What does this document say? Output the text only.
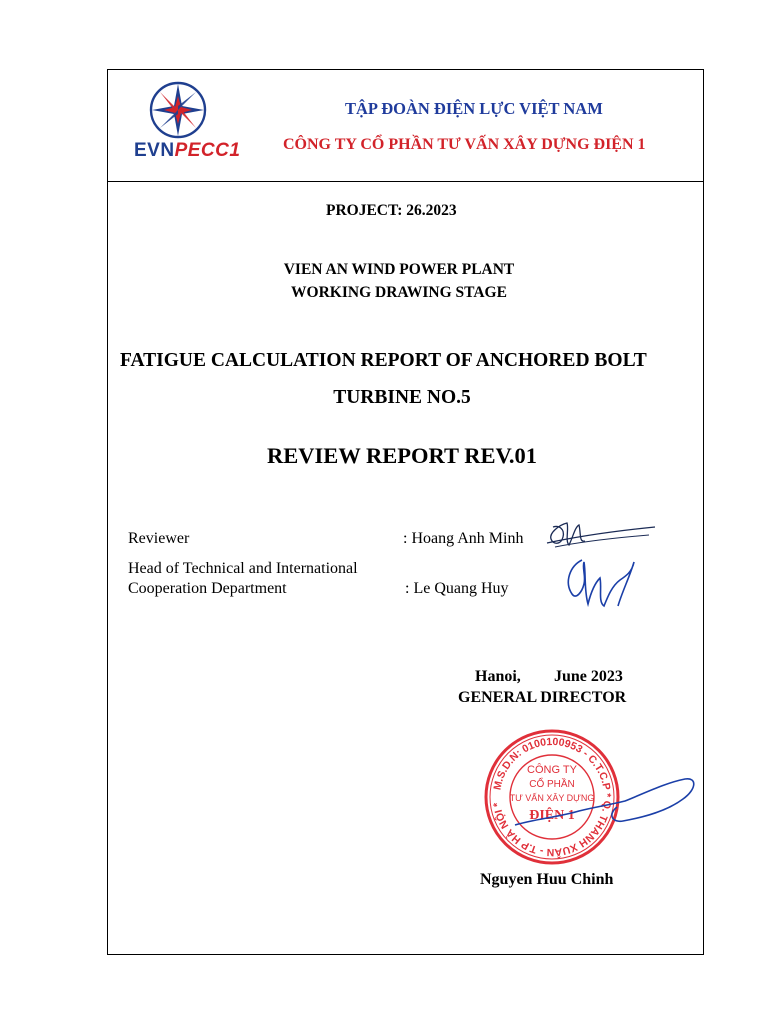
EVNPECC1
TẬP ĐOÀN ĐIỆN LỰC VIỆT NAM
CÔNG TY CỔ PHẦN TƯ VẤN XÂY DỰNG ĐIỆN 1
PROJECT: 26.2023
VIEN AN WIND POWER PLANT
WORKING DRAWING STAGE
FATIGUE CALCULATION REPORT OF ANCHORED BOLT
TURBINE NO.5
REVIEW REPORT REV.01
Reviewer	: Hoang Anh Minh
Head of Technical and International
Cooperation Department	: Le Quang Huy
Hanoi, June 2023
GENERAL DIRECTOR
M.S.D.N: 0100100953 - C.T.C.P * Q. THANH XUÂN - T.P HÀ NỘI *
CÔNG TY
CỔ PHẦN
TƯ VẤN XÂY DỰNG
ĐIỆN 1
Nguyen Huu Chinh
